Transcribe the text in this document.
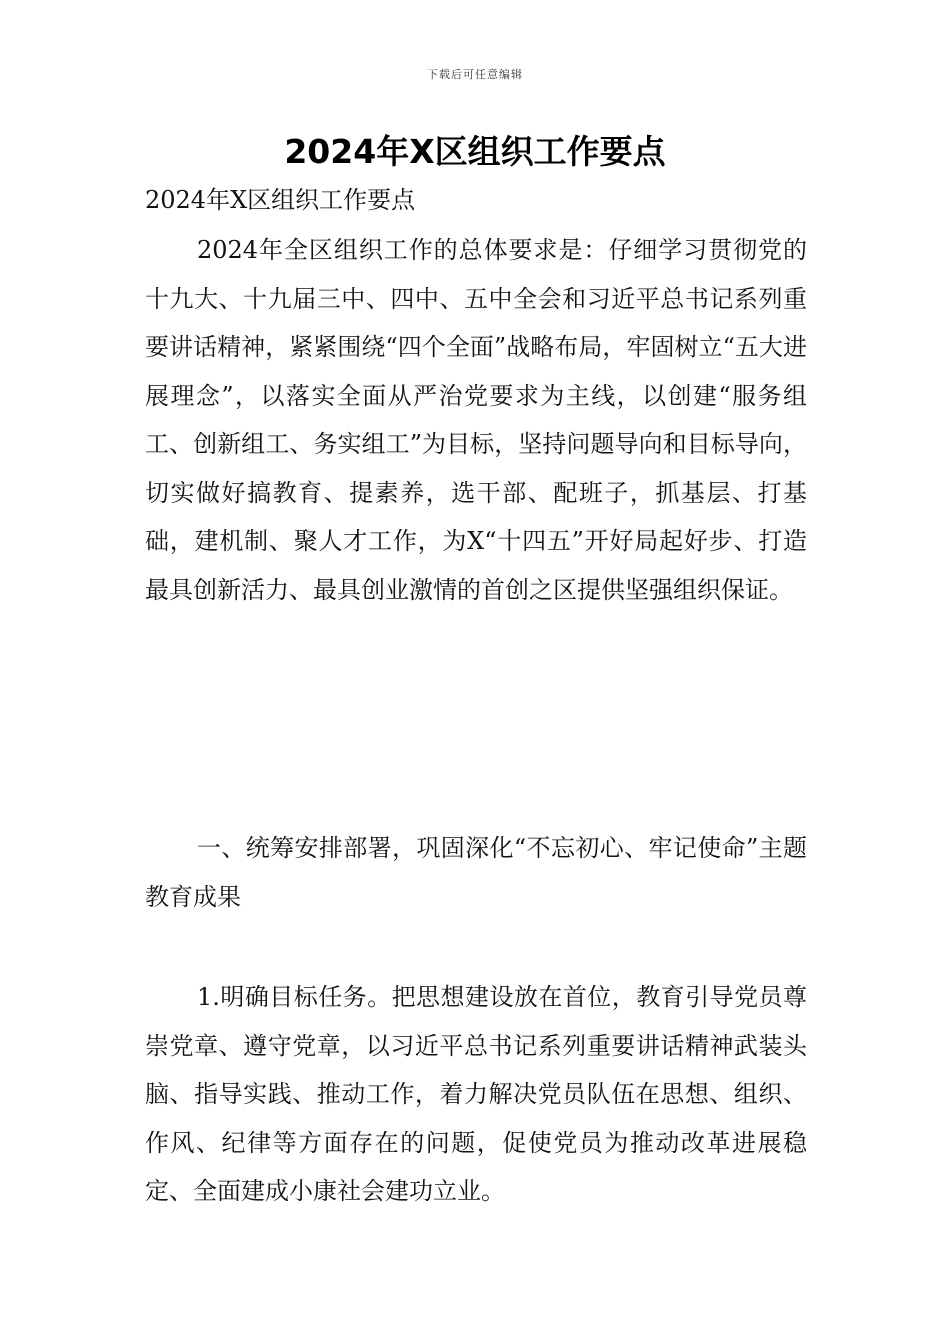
下载后可任意编辑
2024年X区组织工作要点

2024年X区组织工作要点

2024年全区组织工作的总体要求是：仔细学习贯彻党的十九大、十九届三中、四中、五中全会和习近平总书记系列重要讲话精神，紧紧围绕“四个全面”战略布局，牢固树立“五大进展理念”，以落实全面从严治党要求为主线，以创建“服务组工、创新组工、务实组工”为目标，坚持问题导向和目标导向，切实做好搞教育、提素养，选干部、配班子，抓基层、打基础，建机制、聚人才工作，为X“十四五”开好局起好步、打造最具创新活力、最具创业激情的首创之区提供坚强组织保证。

一、统筹安排部署，巩固深化“不忘初心、牢记使命”主题教育成果

1.明确目标任务。把思想建设放在首位，教育引导党员尊崇党章、遵守党章，以习近平总书记系列重要讲话精神武装头脑、指导实践、推动工作，着力解决党员队伍在思想、组织、作风、纪律等方面存在的问题，促使党员为推动改革进展稳定、全面建成小康社会建功立业。
